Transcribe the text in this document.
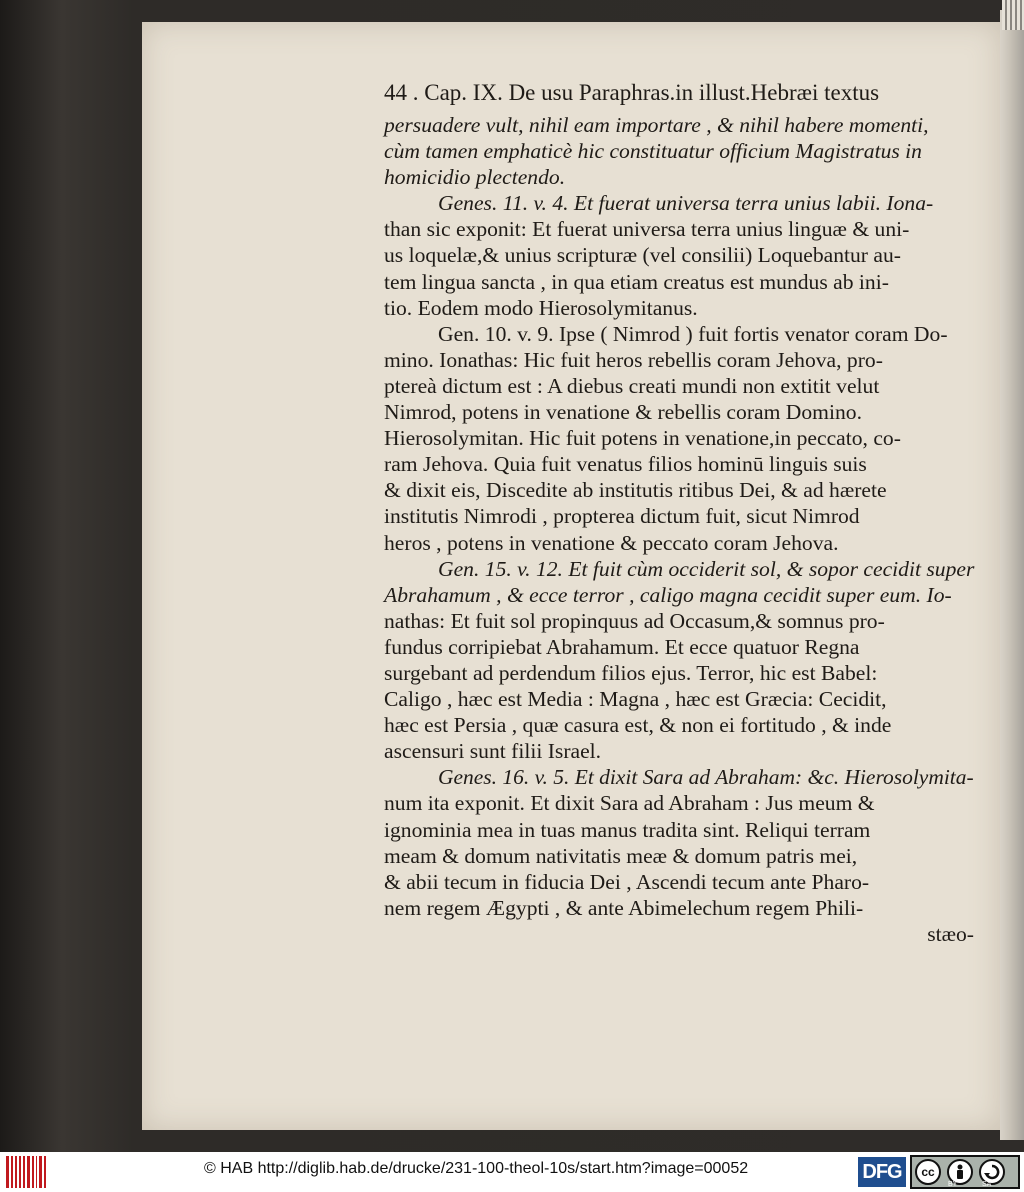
44 . Cap. IX. De usu Paraphras.in illust.Hebræi textus
persuadere vult, nihil eam importare , & nihil habere momenti,
cùm tamen emphaticè hic constituatur officium Magistratus in
homicidio plectendo.
Genes. 11. v. 4. Et fuerat universa terra unius labii. Iona-
than sic exponit: Et fuerat universa terra unius linguæ & uni-
us loquelæ,& unius scripturæ (vel consilii) Loquebantur au-
tem lingua sancta , in qua etiam creatus est mundus ab ini-
tio. Eodem modo Hierosolymitanus.
Gen. 10. v. 9. Ipse ( Nimrod ) fuit fortis venator coram Do-
mino. Ionathas: Hic fuit heros rebellis coram Jehova, pro-
ptereà dictum est : A diebus creati mundi non extitit velut
Nimrod, potens in venatione & rebellis coram Domino.
Hierosolymitan. Hic fuit potens in venatione,in peccato, co-
ram Jehova. Quia fuit venatus filios hominū linguis suis
& dixit eis, Discedite ab institutis ritibus Dei, & ad hærete
institutis Nimrodi , propterea dictum fuit, sicut Nimrod
heros , potens in venatione & peccato coram Jehova.
Gen. 15. v. 12. Et fuit cùm occiderit sol, & sopor cecidit super
Abrahamum , & ecce terror , caligo magna cecidit super eum. Io-
nathas: Et fuit sol propinquus ad Occasum,& somnus pro-
fundus corripiebat Abrahamum. Et ecce quatuor Regna
surgebant ad perdendum filios ejus. Terror, hic est Babel:
Caligo , hæc est Media : Magna , hæc est Græcia: Cecidit,
hæc est Persia , quæ casura est, & non ei fortitudo , & inde
ascensuri sunt filii Israel.
Genes. 16. v. 5. Et dixit Sara ad Abraham: &c. Hierosolymita-
num ita exponit. Et dixit Sara ad Abraham : Jus meum &
ignominia mea in tuas manus tradita sint. Reliqui terram
meam & domum nativitatis meæ & domum patris mei,
& abii tecum in fiducia Dei , Ascendi tecum ante Pharo-
nem regem Ægypti , & ante Abimelechum regem Phili-
stæo-
© HAB http://diglib.hab.de/drucke/231-100-theol-10s/start.htm?image=00052	DFG	cc
BY	SA
